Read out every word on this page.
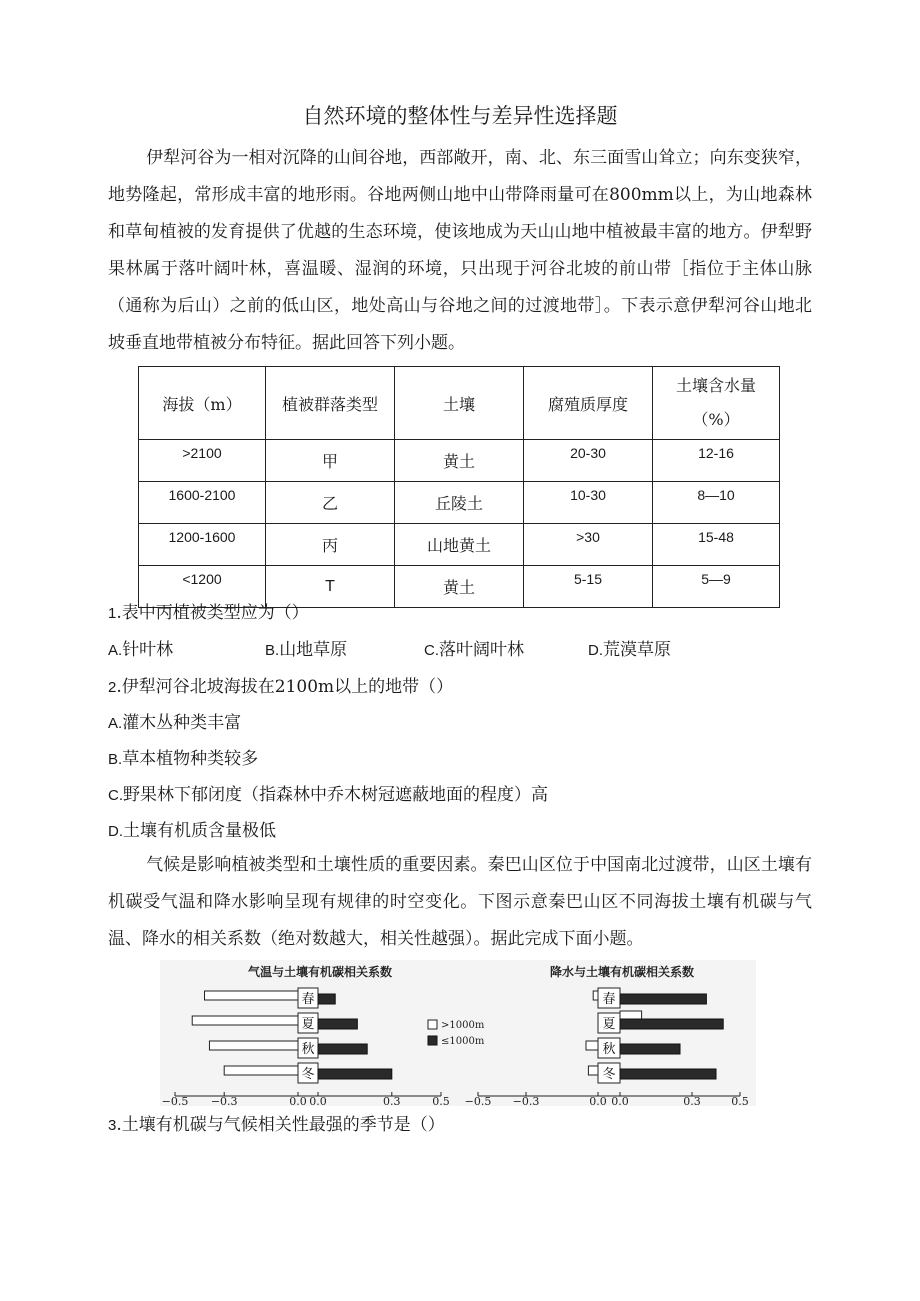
自然环境的整体性与差异性选择题

伊犁河谷为一相对沉降的山间谷地，西部敞开，南、北、东三面雪山耸立；向东变狭窄，地势隆起，常形成丰富的地形雨。谷地两侧山地中山带降雨量可在800mm以上，为山地森林和草甸植被的发育提供了优越的生态环境，使该地成为天山山地中植被最丰富的地方。伊犁野果林属于落叶阔叶林，喜温暖、湿润的环境，只出现于河谷北坡的前山带［指位于主体山脉（通称为后山）之前的低山区，地处高山与谷地之间的过渡地带］。下表示意伊犁河谷山地北坡垂直地带植被分布特征。据此回答下列小题。

海拔（m）	植被群落类型	土壤	腐殖质厚度	土壤含水量
（%）
>2100	甲	黄土	20-30	12-16
1600-2100	乙	丘陵土	10-30	8—10
1200-1600	丙	山地黄土	>30	15-48
<1200	T	黄土	5-15	5—9
1.表中丙植被类型应为（）
A.针叶林	B.山地草原	C.落叶阔叶林	D.荒漠草原
2.伊犁河谷北坡海拔在2100m以上的地带（）
A.灌木丛种类丰富
B.草本植物种类较多
C.野果林下郁闭度（指森林中乔木树冠遮蔽地面的程度）高
D.土壤有机质含量极低

气候是影响植被类型和土壤性质的重要因素。秦巴山区位于中国南北过渡带，山区土壤有机碳受气温和降水影响呈现有规律的时空变化。下图示意秦巴山区不同海拔土壤有机碳与气温、降水的相关系数（绝对数越大，相关性越强）。据此完成下面小题。

气温与土壤有机碳相关系数
−0.5 −0.3	0.0 0.0	0.3	0.5
春
夏
秋
冬
>1000m
≤1000m
降水与土壤有机碳相关系数
−0.5 −0.3	0.0 0.0	0.3	0.5
春
夏
秋
冬
3.土壤有机碳与气候相关性最强的季节是（）
